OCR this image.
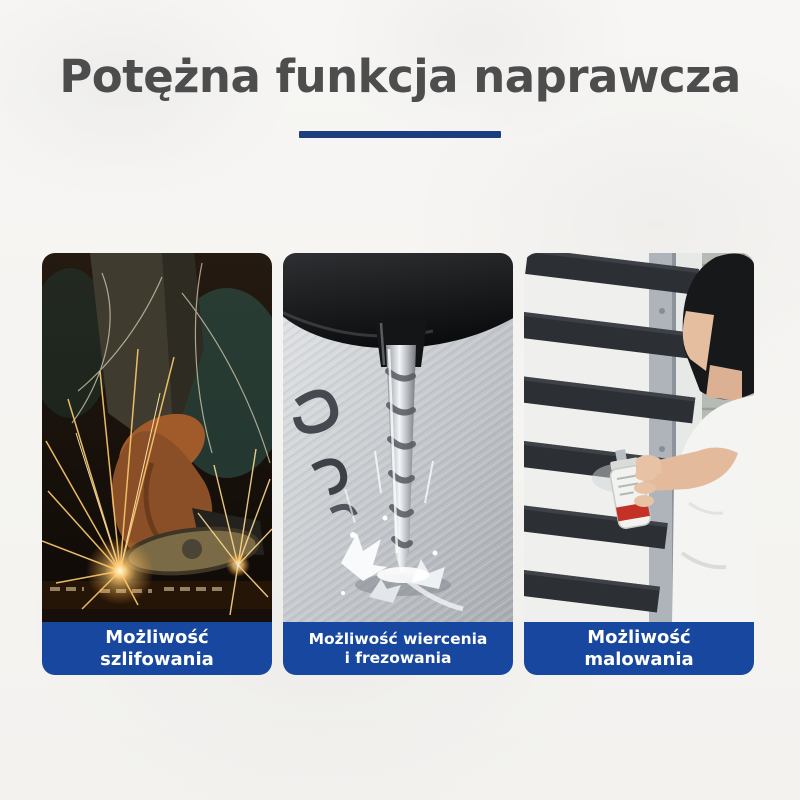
Potężna funkcja naprawcza
Możliwość
szlifowania
Możliwość wiercenia
i frezowania
Możliwość
malowania
